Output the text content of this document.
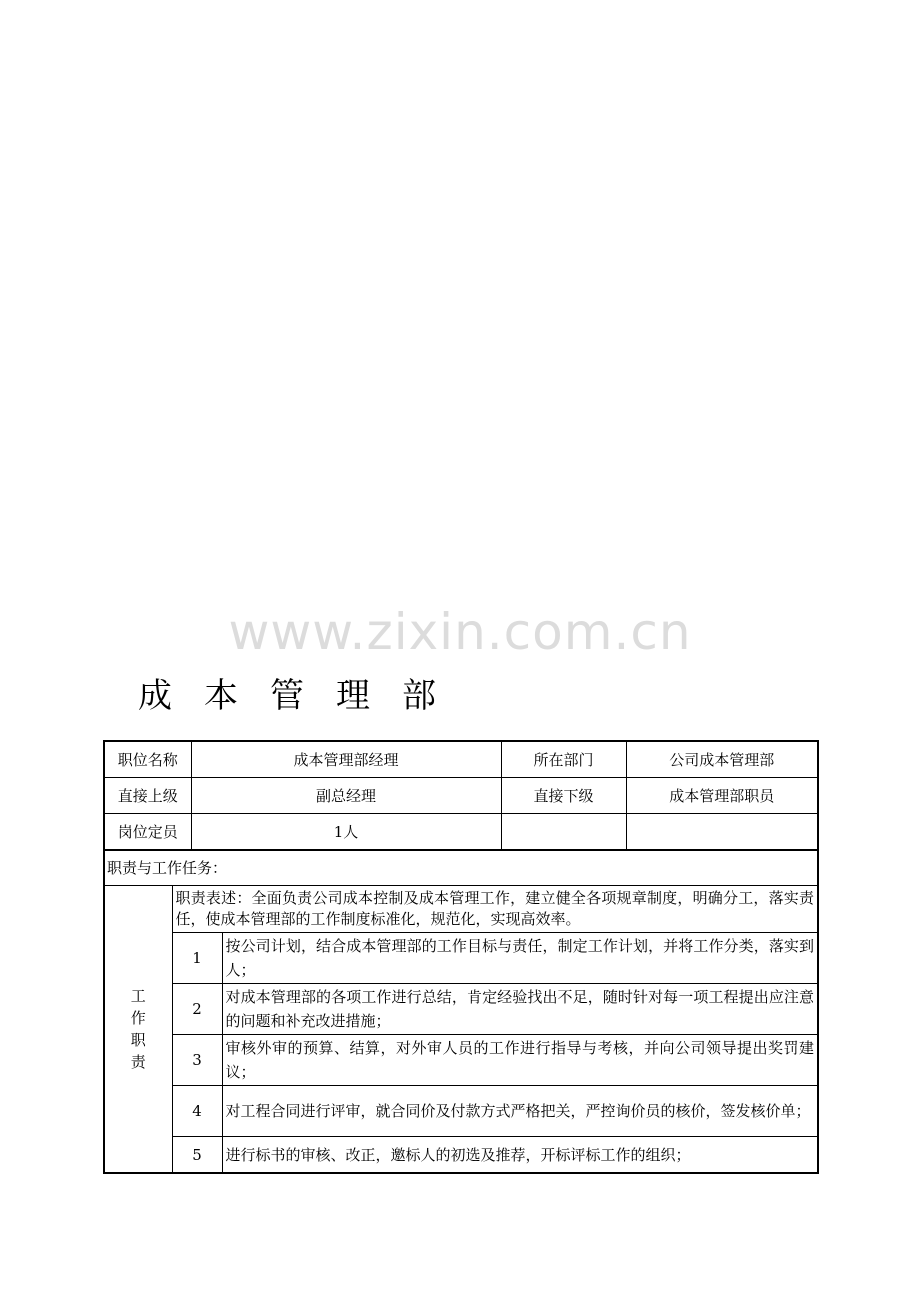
www.zixin.com.cn
成本管理部
职位名称	成本管理部经理	所在部门	公司成本管理部
直接上级	副总经理	直接下级	成本管理部职员
岗位定员	1人		
职责与工作任务：		

工
作
职
责	职责表述：全面负责公司成本控制及成本管理工作，建立健全各项规章制度，明确分工，落实责任，使成本管理部的工作制度标准化，规范化，实现高效率。	
	1	按公司计划，结合成本管理部的工作目标与责任，制定工作计划，并将工作分类，落实到人；
	2	对成本管理部的各项工作进行总结，肯定经验找出不足，随时针对每一项工程提出应注意的问题和补充改进措施；
	3	审核外审的预算、结算，对外审人员的工作进行指导与考核，并向公司领导提出奖罚建议；
	4	对工程合同进行评审，就合同价及付款方式严格把关，严控询价员的核价，签发核价单；
	5	进行标书的审核、改正，邀标人的初选及推荐，开标评标工作的组织；
